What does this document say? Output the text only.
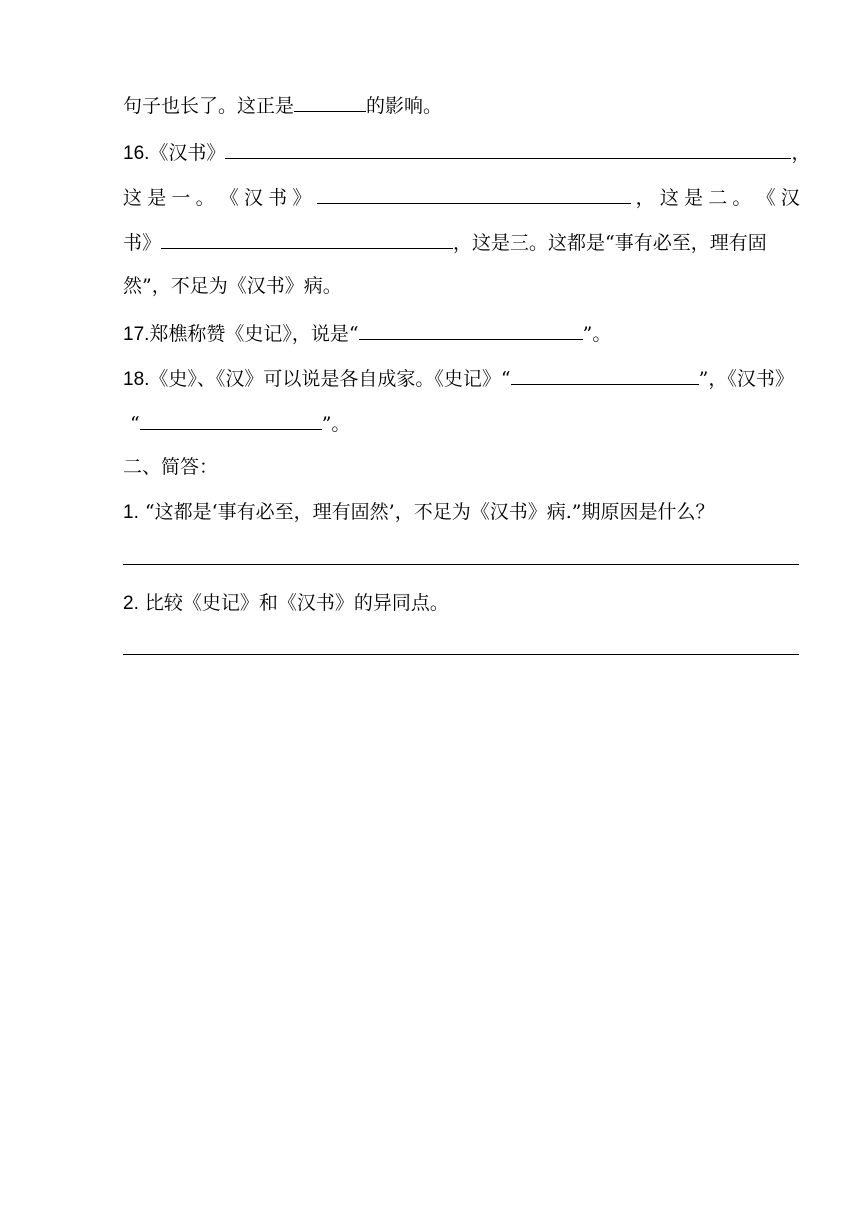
句子也长了。这正是	的影响。
16.《汉书》	，
这 是 一 。 《 汉 书 》	， 这 是 二 。 《 汉
书》	，这是三。这都是“事有必至，理有固
然”，不足为《汉书》病。
17.郑樵称赞《史记》，说是“	”。
18.《史》、《汉》可以说是各自成家。《史记》“	”，《汉书》
“	”。
二、简答：
1. “这都是‘事有必至，理有固然’，不足为《汉书》病.”期原因是什么？
2. 比较《史记》和《汉书》的异同点。
